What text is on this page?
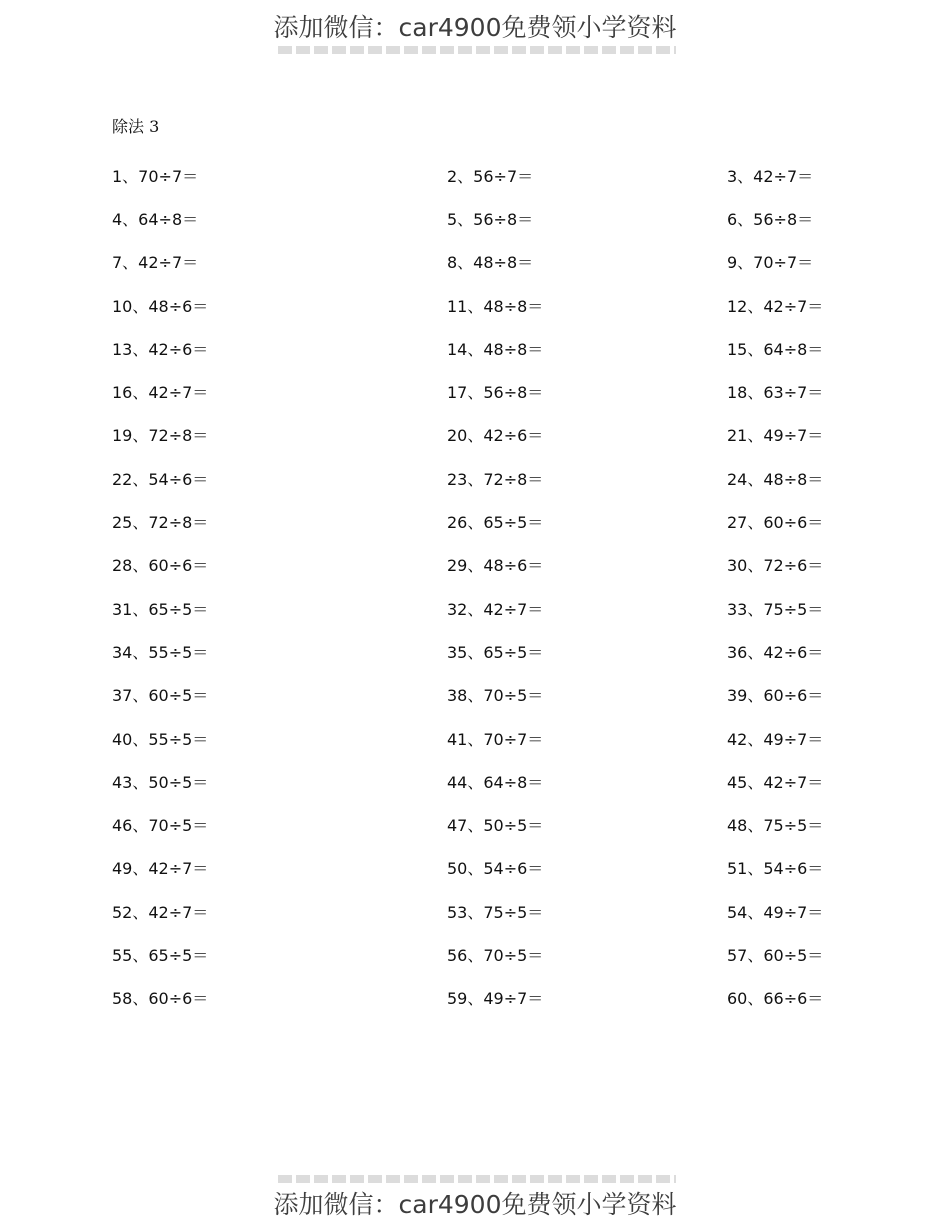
添加微信：car4900免费领小学资料
除法 3
1、70÷7＝	2、56÷7＝	3、42÷7＝
4、64÷8＝	5、56÷8＝	6、56÷8＝
7、42÷7＝	8、48÷8＝	9、70÷7＝
10、48÷6＝	11、48÷8＝	12、42÷7＝
13、42÷6＝	14、48÷8＝	15、64÷8＝
16、42÷7＝	17、56÷8＝	18、63÷7＝
19、72÷8＝	20、42÷6＝	21、49÷7＝
22、54÷6＝	23、72÷8＝	24、48÷8＝
25、72÷8＝	26、65÷5＝	27、60÷6＝
28、60÷6＝	29、48÷6＝	30、72÷6＝
31、65÷5＝	32、42÷7＝	33、75÷5＝
34、55÷5＝	35、65÷5＝	36、42÷6＝
37、60÷5＝	38、70÷5＝	39、60÷6＝
40、55÷5＝	41、70÷7＝	42、49÷7＝
43、50÷5＝	44、64÷8＝	45、42÷7＝
46、70÷5＝	47、50÷5＝	48、75÷5＝
49、42÷7＝	50、54÷6＝	51、54÷6＝
52、42÷7＝	53、75÷5＝	54、49÷7＝
55、65÷5＝	56、70÷5＝	57、60÷5＝
58、60÷6＝	59、49÷7＝	60、66÷6＝
添加微信：car4900免费领小学资料
